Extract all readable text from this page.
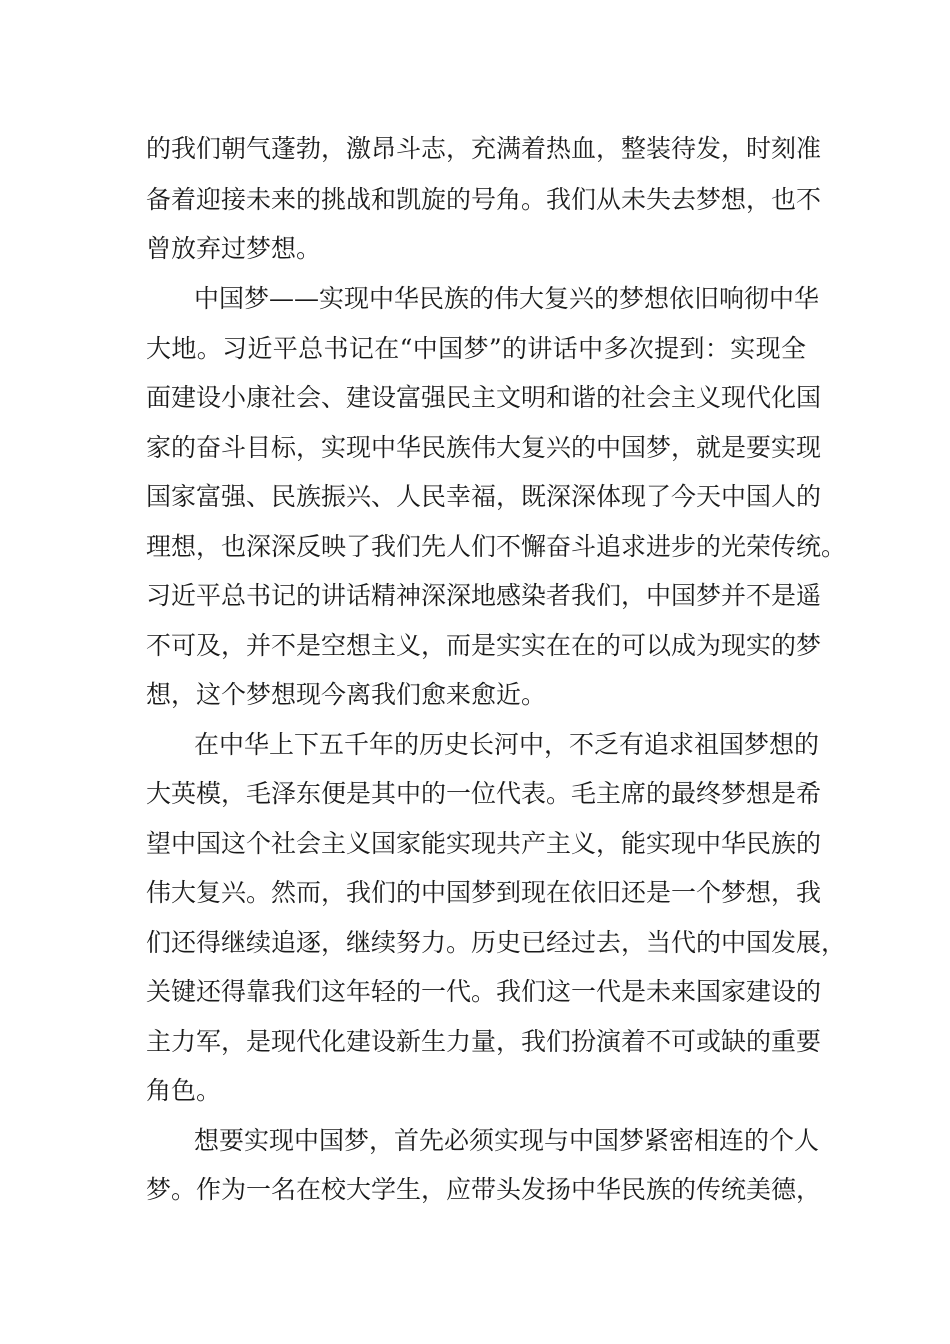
的我们朝气蓬勃，激昂斗志，充满着热血，整装待发，时刻准
备着迎接未来的挑战和凯旋的号角。我们从未失去梦想，也不
曾放弃过梦想。
中国梦——实现中华民族的伟大复兴的梦想依旧响彻中华
大地。习近平总书记在“中国梦”的讲话中多次提到：实现全
面建设小康社会、建设富强民主文明和谐的社会主义现代化国
家的奋斗目标，实现中华民族伟大复兴的中国梦，就是要实现
国家富强、民族振兴、人民幸福，既深深体现了今天中国人的
理想，也深深反映了我们先人们不懈奋斗追求进步的光荣传统。
习近平总书记的讲话精神深深地感染者我们，中国梦并不是遥
不可及，并不是空想主义，而是实实在在的可以成为现实的梦
想，这个梦想现今离我们愈来愈近。
在中华上下五千年的历史长河中，不乏有追求祖国梦想的
大英模，毛泽东便是其中的一位代表。毛主席的最终梦想是希
望中国这个社会主义国家能实现共产主义，能实现中华民族的
伟大复兴。然而，我们的中国梦到现在依旧还是一个梦想，我
们还得继续追逐，继续努力。历史已经过去，当代的中国发展，
关键还得靠我们这年轻的一代。我们这一代是未来国家建设的
主力军，是现代化建设新生力量，我们扮演着不可或缺的重要
角色。
想要实现中国梦，首先必须实现与中国梦紧密相连的个人
梦。作为一名在校大学生，应带头发扬中华民族的传统美德，
